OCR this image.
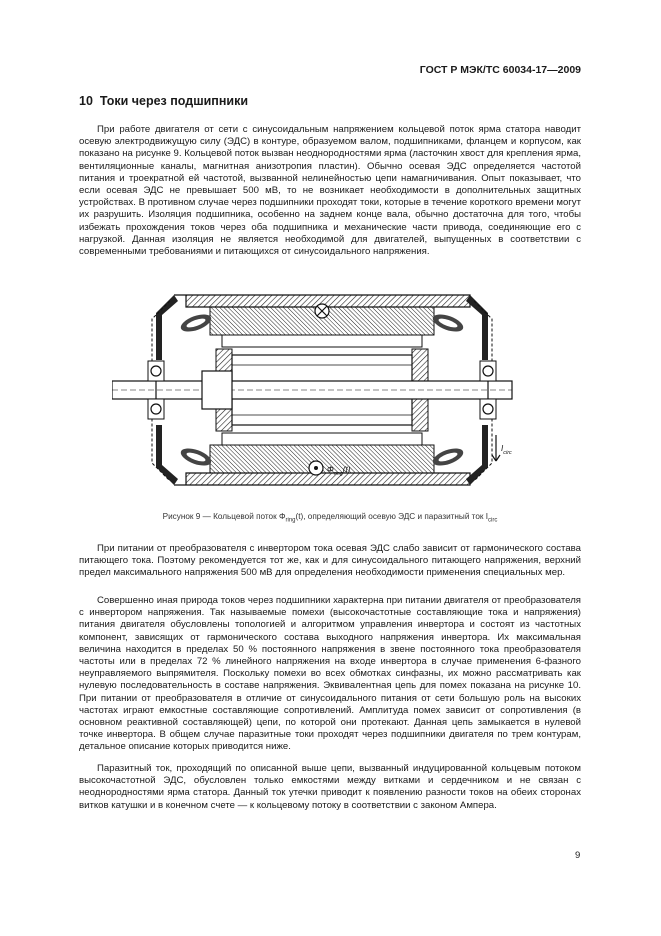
ГОСТ Р МЭК/ТС 60034-17—2009
10 Токи через подшипники

При работе двигателя от сети с синусоидальным напряжением кольцевой поток ярма статора наводит осевую электродвижущую силу (ЭДС) в контуре, образуемом валом, подшипниками, фланцем и корпусом, как показано на рисунке 9. Кольцевой поток вызван неоднородностями ярма (ласточкин хвост для крепления ярма, вентиляционные каналы, магнитная анизотропия пластин). Обычно осевая ЭДС определяется частотой питания и троекратной ей частотой, вызванной нелинейностью цепи намагничивания. Опыт показывает, что если осевая ЭДС не превышает 500 мВ, то не возникает необходимости в дополнительных защитных устройствах. В противном случае через подшипники проходят токи, которые в течение короткого времени могут их разрушить. Изоляция подшипника, особенно на заднем конце вала, обычно достаточна для того, чтобы избежать прохождения токов через оба подшипника и механические части привода, соединяющие его с нагрузкой. Данная изоляция не является необходимой для двигателей, выпущенных в соответствии с современными требованиями и питающихся от синусоидального напряжения.

$\Phi_{ring}(t)$
$I_{circ}$
Рисунок 9 — Кольцевой поток $\Phi_{ring}(t)$, определяющий осевую ЭДС и паразитный ток $I_{circ}$

При питании от преобразователя с инвертором тока осевая ЭДС слабо зависит от гармонического состава питающего тока. Поэтому рекомендуется тот же, как и для синусоидального питающего напряжения, верхний предел максимального напряжения 500 мВ для определения необходимости применения специальных мер.

Совершенно иная природа токов через подшипники характерна при питании двигателя от преобразователя с инвертором напряжения. Так называемые помехи (высокочастотные составляющие тока и напряжения) питания двигателя обусловлены топологией и алгоритмом управления инвертора и состоят из частотных компонент, зависящих от гармонического состава выходного напряжения инвертора. Их максимальная величина находится в пределах 50 % постоянного напряжения в звене постоянного тока преобразователя частоты или в пределах 72 % линейного напряжения на входе инвертора в случае применения 6-фазного неуправляемого выпрямителя. Поскольку помехи во всех обмотках синфазны, их можно рассматривать как нулевую последовательность в составе напряжения. Эквивалентная цепь для помех показана на рисунке 10. При питании от преобразователя в отличие от синусоидального питания от сети большую роль на высоких частотах играют емкостные составляющие сопротивлений. Амплитуда помех зависит от сопротивления (в основном реактивной составляющей) цепи, по которой они протекают. Данная цепь замыкается в нулевой точке инвертора. В общем случае паразитные токи проходят через подшипники двигателя по трем контурам, детальное описание которых приводится ниже.

Паразитный ток, проходящий по описанной выше цепи, вызванный индуцированной кольцевым потоком высокочастотной ЭДС, обусловлен только емкостями между витками и сердечником и не связан с неоднородностями ярма статора. Данный ток утечки приводит к появлению разности токов на обеих сторонах витков катушки и в конечном счете — к кольцевому потоку в соответствии с законом Ампера.

9
